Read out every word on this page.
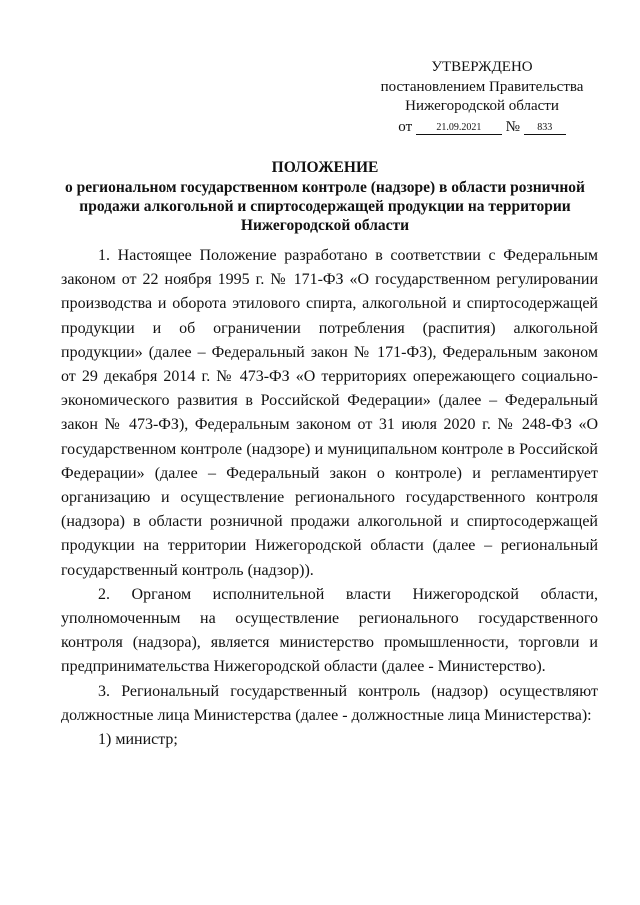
УТВЕРЖДЕНО
постановлением Правительства
Нижегородской области
от 21.09.2021 № 833
ПОЛОЖЕНИЕ
о региональном государственном контроле (надзоре) в области розничной
продажи алкогольной и спиртосодержащей продукции на территории
Нижегородской области

1. Настоящее Положение разработано в соответствии с Федеральным законом от 22 ноября 1995 г. № 171-ФЗ «О государственном регулировании производства и оборота этилового спирта, алкогольной и спиртосодержащей продукции и об ограничении потребления (распития) алкогольной продукции» (далее – Федеральный закон № 171-ФЗ), Федеральным законом от 29 декабря 2014 г. № 473-ФЗ «О территориях опережающего социально-экономического развития в Российской Федерации» (далее – Федеральный закон № 473-ФЗ), Федеральным законом от 31 июля 2020 г. № 248-ФЗ «О государственном контроле (надзоре) и муниципальном контроле в Российской Федерации» (далее – Федеральный закон о контроле) и регламентирует организацию и осуществление регионального государственного контроля (надзора) в области розничной продажи алкогольной и спиртосодержащей продукции на территории Нижегородской области (далее – региональный государственный контроль (надзор)).

2. Органом исполнительной власти Нижегородской области, уполномоченным на осуществление регионального государственного контроля (надзора), является министерство промышленности, торговли и предпринимательства Нижегородской области (далее - Министерство).

3. Региональный государственный контроль (надзор) осуществляют должностные лица Министерства (далее - должностные лица Министерства):

1) министр;
